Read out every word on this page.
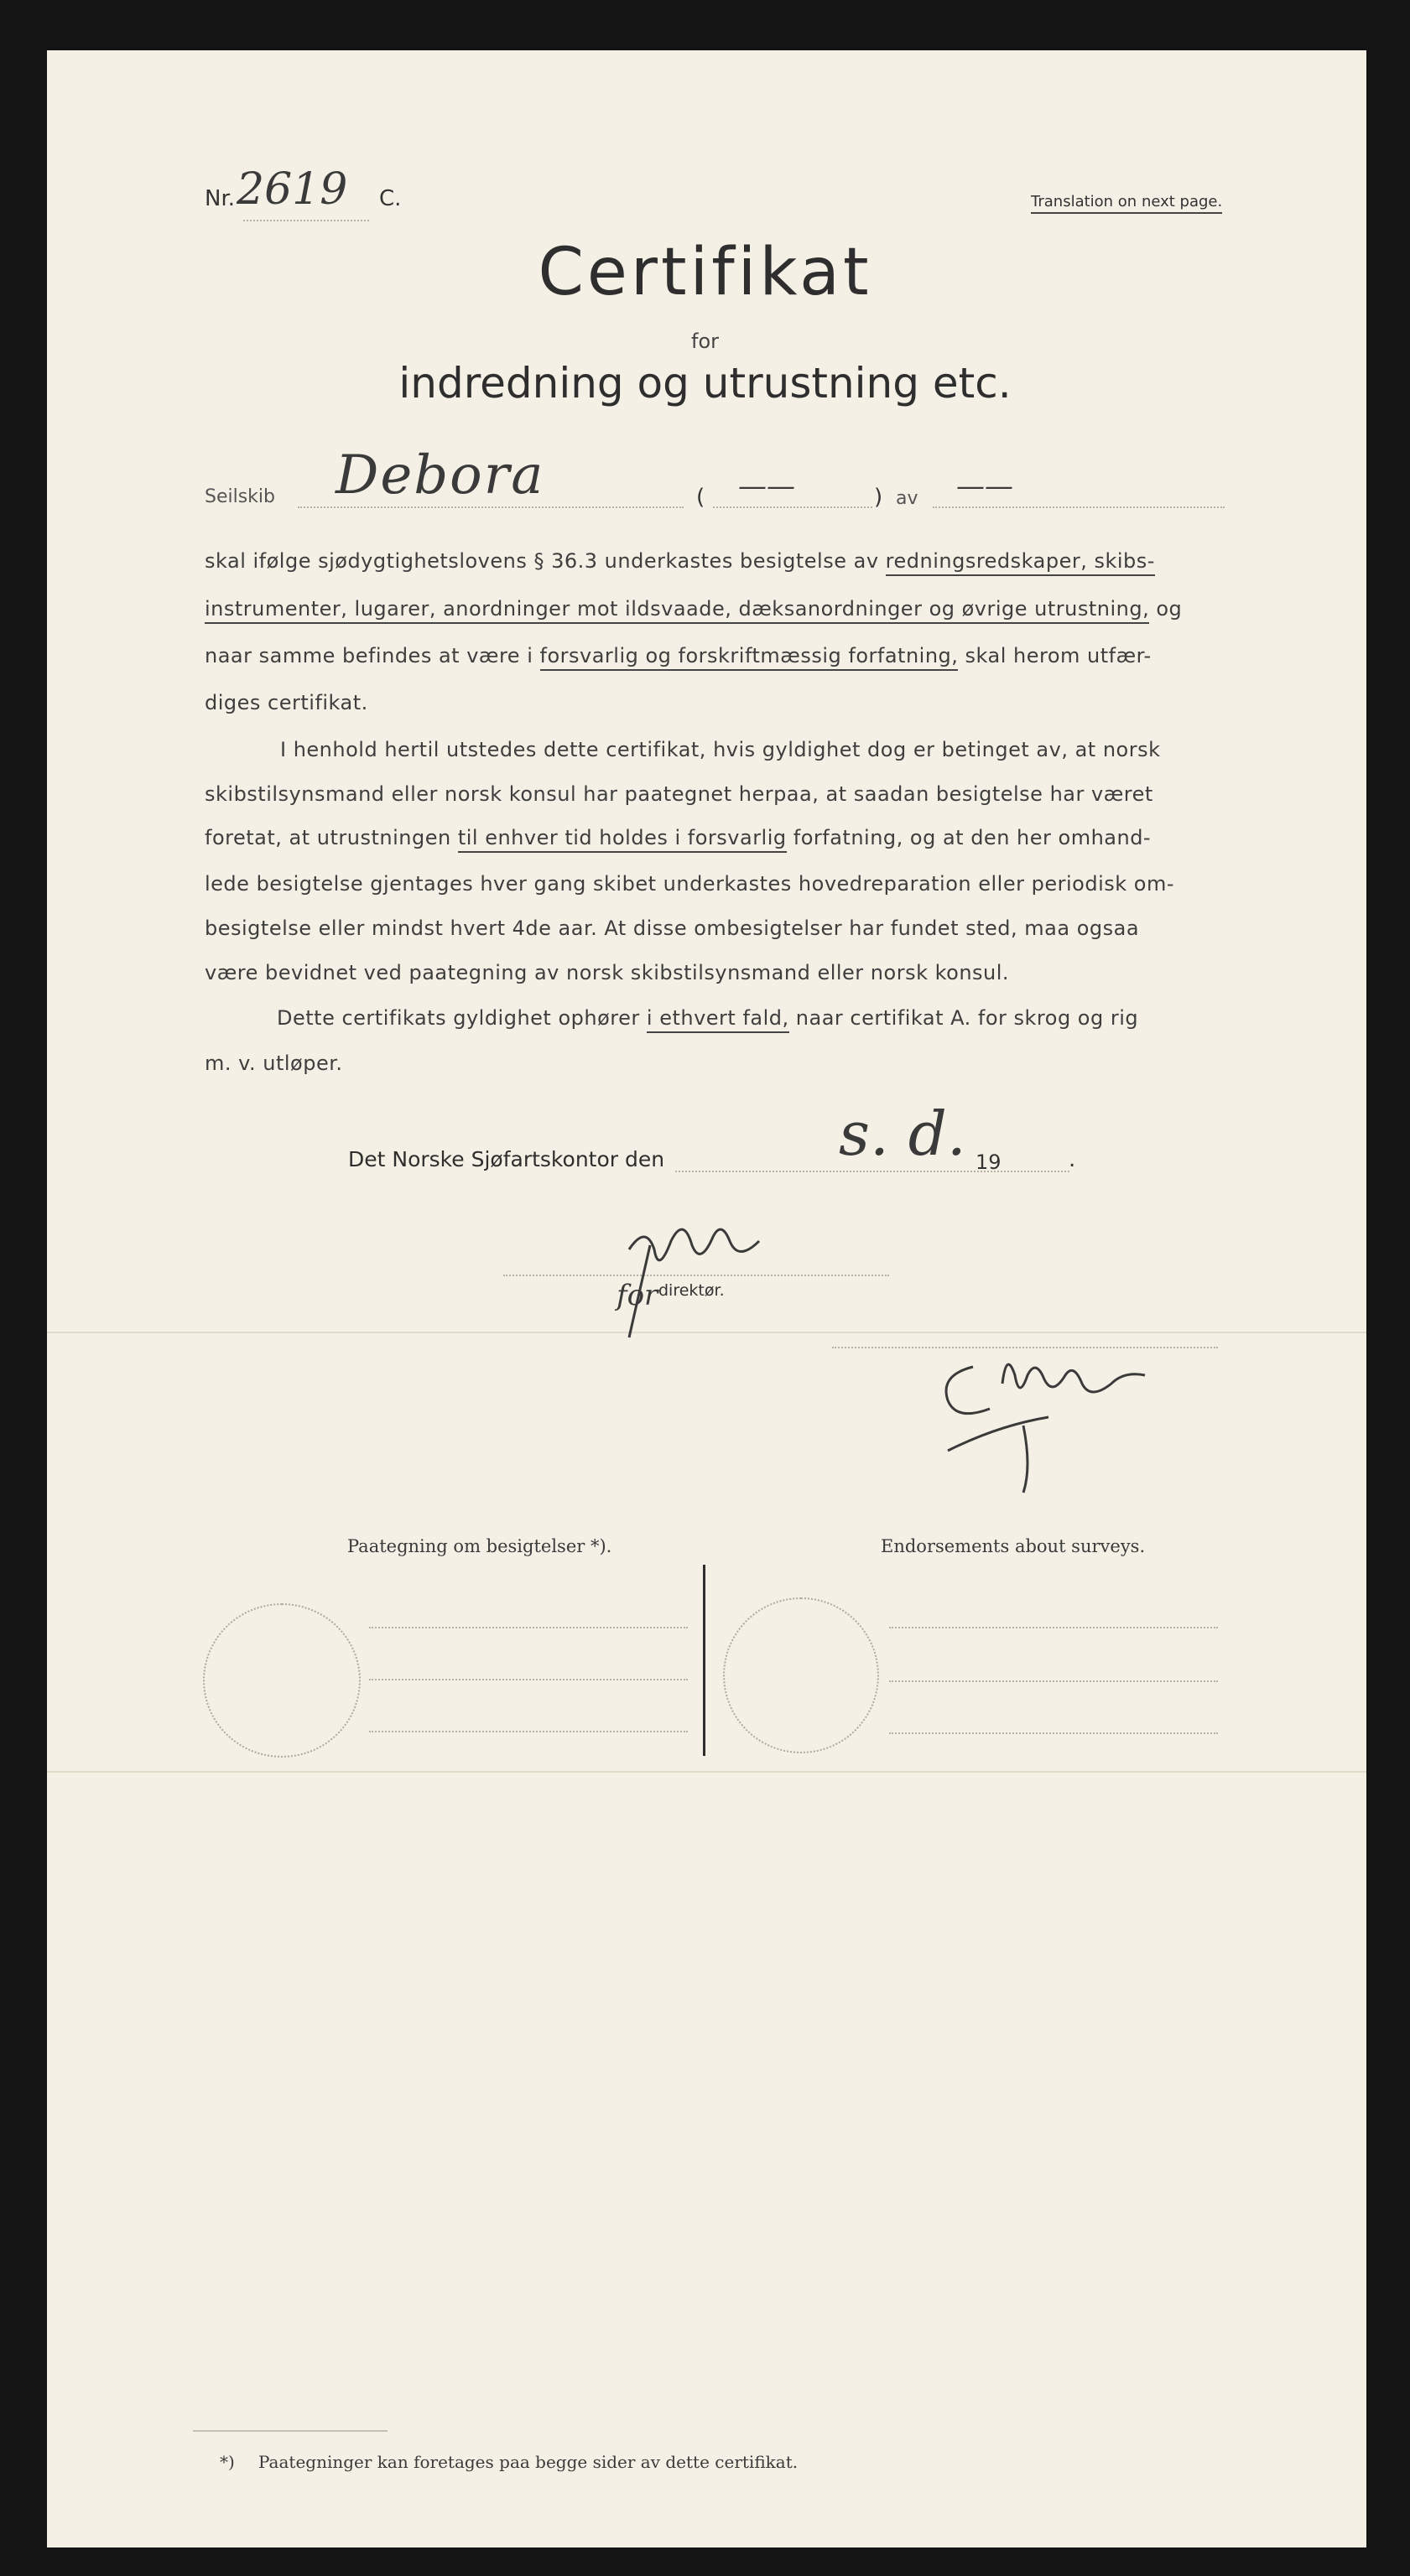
Nr. 2619 C.	Translation on next page.
Certifikat
for
indredning og utrustning etc.
Seilskib Debora	( ——	) av ——
skal ifølge sjødygtighetslovens § 36.3 underkastes besigtelse av redningsredskaper, skibs-
instrumenter, lugarer, anordninger mot ildsvaade, dæksanordninger og øvrige utrustning, og
naar samme befindes at være i forsvarlig og forskriftmæssig forfatning, skal herom utfær-
diges certifikat.
I henhold hertil utstedes dette certifikat, hvis gyldighet dog er betinget av, at norsk
skibstilsynsmand eller norsk konsul har paategnet herpaa, at saadan besigtelse har været
foretat, at utrustningen til enhver tid holdes i forsvarlig forfatning, og at den her omhand-
lede besigtelse gjentages hver gang skibet underkastes hovedreparation eller periodisk om-
besigtelse eller mindst hvert 4de aar. At disse ombesigtelser har fundet sted, maa ogsaa
være bevidnet ved paategning av norsk skibstilsynsmand eller norsk konsul.
Dette certifikats gyldighet ophører i ethvert fald, naar certifikat A. for skrog og rig
m. v. utløper.
Det Norske Sjøfartskontor den	s. d. 19	.
for direktør.
Paategning om besigtelser *).	Endorsements about surveys.
*) Paategninger kan foretages paa begge sider av dette certifikat.
